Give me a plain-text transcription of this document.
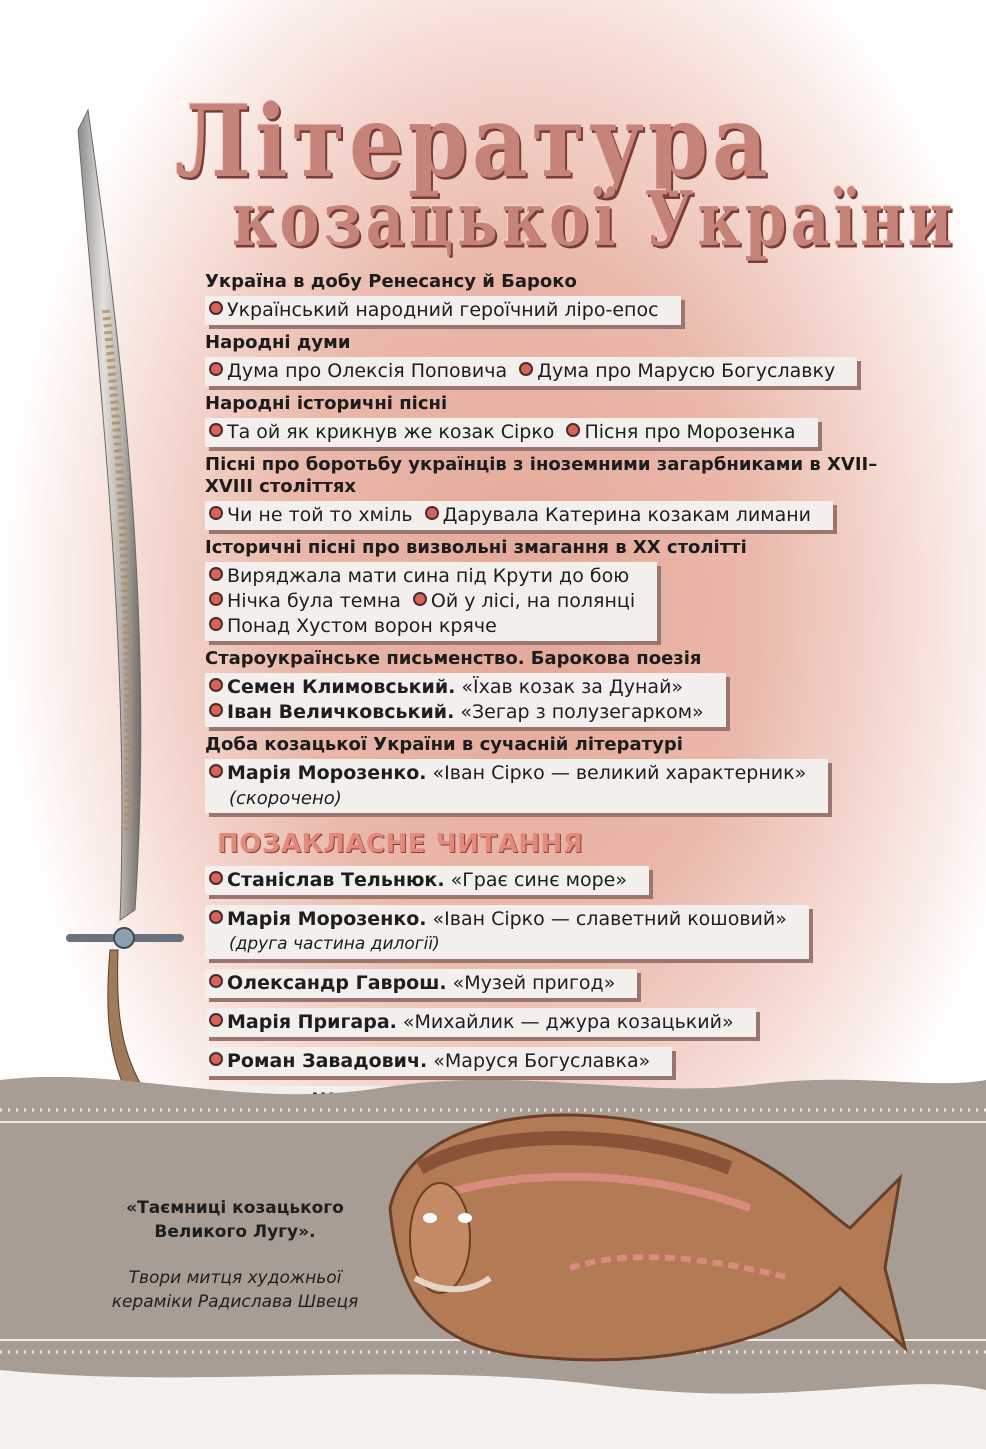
Література
козацької України
Україна в добу Ренесансу й Бароко
Український народний героїчний ліро-епос
Народні думи
Дума про Олексія Поповича Дума про Марусю Богуславку
Народні історичні пісні
Та ой як крикнув же козак Сірко Пісня про Морозенка
Пісні про боротьбу українців з іноземними загарбниками в XVII–XVIII століттях
Чи не той то хміль Дарувала Катерина козакам лимани
Історичні пісні про визвольні змагання в XX столітті
Виряджала мати сина під Крути до бою
Нічка була темна Ой у лісі, на полянці
Понад Хустом ворон кряче
Староукраїнське письменство. Барокова поезія
Семен Климовський. «Їхав козак за Дунай»
Іван Величковський. «Зегар з полузегарком»
Доба козацької України в сучасній літературі
Марія Морозенко. «Іван Сірко — великий характерник»
(скорочено)
ПОЗАКЛАСНЕ ЧИТАННЯ
Станіслав Тельнюк. «Грає синє море»
Марія Морозенко. «Іван Сірко — славетний кошовий»
(друга частина дилогії)
Олександр Гаврош. «Музей пригод»
Марія Пригара. «Михайлик — джура козацький»
Роман Завадович. «Маруся Богуславка»
«Таємниці козацького
Великого Лугу».
Твори митця художньої
кераміки Радислава Швеця
